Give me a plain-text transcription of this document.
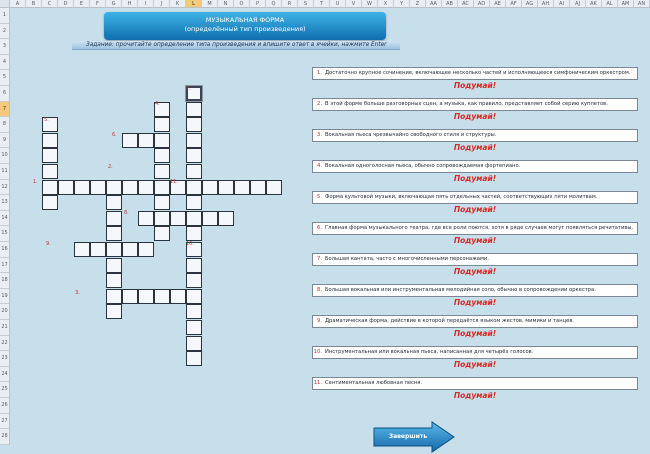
A	B	C	D	E	F	G	H	I	J	K	L	M	N	O	P	Q	R	S	T	U	V	W	X	Y	Z	AA	AB	AC	AD	AE	AF	AG	AH	AI	AJ	AK	AL	AM	AN
1
2
3
4
5
6
7
8
9
10
11
12
13
14
15
16
17
18
19
20
21
22
23
24
25
26
27
28
МУЗЫКАЛЬНАЯ ФОРМА
(определённый тип произведения)
Задание: прочитайте определение типа произведения и впишите ответ в ячейки, нажмите Enter
1.
2.
3.
4.
5.
6.
7.
8.
9.	10.
11.
1. Достаточно крупное сочинение, включающее несколько частей и исполняющееся симфоническим оркестром.
Подумай!
2. В этой форме больше разговорных сцен, а музыка, как правило, представляет собой серию куплетов.
Подумай!
3. Вокальная пьеса чрезвычайно свободного стиля и структуры.
Подумай!
4. Вокальная одноголосная пьеса, обычно сопровождаемая фортепиано.
Подумай!
5. Форма культовой музыки, включающая пять отдельных частей, соответствующих пяти молитвам.
Подумай!
6. Главная форма музыкального театра, где все роли поются, хотя в ряде случаев могут появляться речитативы.
Подумай!
7. Большая кантата, часто с многочисленными персонажами.
Подумай!
8. Большая вокальная или инструментальная мелодийная соло, обычно в сопровождении оркестра.
Подумай!
9. Драматическая форма, действие в которой передаётся языком жестов, мимики и танцев.
Подумай!
10. Инструментальная или вокальная пьеса, написанная для четырёх голосов.
Подумай!
11. Сентиментальная любовная песня.
Подумай!
Завершить
